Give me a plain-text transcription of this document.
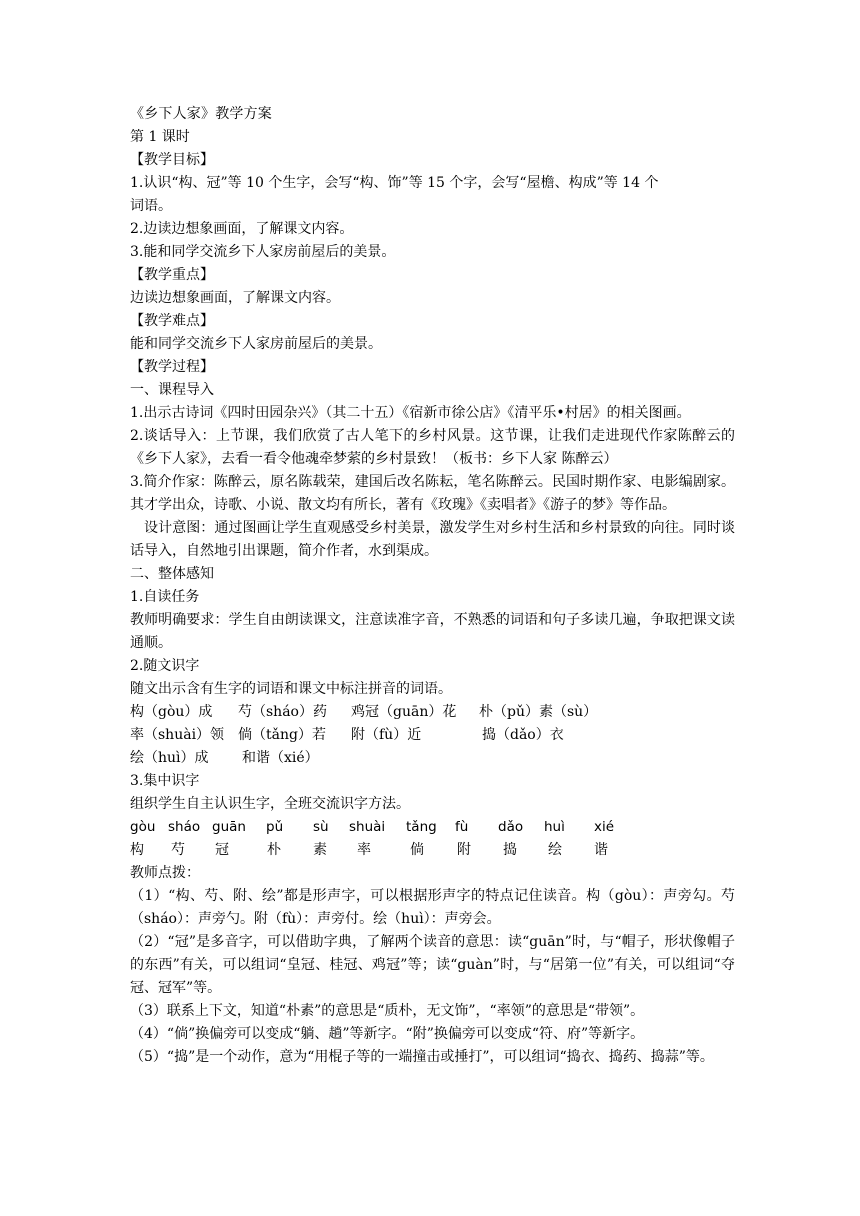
《乡下人家》教学方案
第 1 课时
【教学目标】
1.认识“构、冠”等 10 个生字，会写“构、饰”等 15 个字，会写“屋檐、构成”等 14 个
词语。
2.边读边想象画面，了解课文内容。
3.能和同学交流乡下人家房前屋后的美景。
【教学重点】
边读边想象画面，了解课文内容。
【教学难点】
能和同学交流乡下人家房前屋后的美景。
【教学过程】
一、课程导入
1.出示古诗词《四时田园杂兴》（其二十五）《宿新市徐公店》《清平乐•村居》的相关图画。
2.谈话导入：上节课，我们欣赏了古人笔下的乡村风景。这节课，让我们走进现代作家陈醉云的《乡下人家》，去看一看令他魂牵梦萦的乡村景致！（板书：乡下人家 陈醉云）
3.简介作家：陈醉云，原名陈载荣，建国后改名陈耘，笔名陈醉云。民国时期作家、电影编剧家。其才学出众，诗歌、小说、散文均有所长，著有《玫瑰》《卖唱者》《游子的梦》等作品。
设计意图：通过图画让学生直观感受乡村美景，激发学生对乡村生活和乡村景致的向往。同时谈话导入，自然地引出课题，简介作者，水到渠成。
二、整体感知
1.自读任务
教师明确要求：学生自由朗读课文，注意读准字音，不熟悉的词语和句子多读几遍，争取把课文读通顺。
2.随文识字
随文出示含有生字的词语和课文中标注拼音的词语。
构（gòu）成 芍（sháo）药 鸡冠（guān）花 朴（pǔ）素（sù）
率（shuài）领 倘（tǎng）若 附（fù）近	捣（dǎo）衣
绘（huì）成 和谐（xié）
3.集中识字
组织学生自主认识生字，全班交流识字方法。
gòu sháo guān pǔ sù shuài tǎng fù dǎo huì xié
构 芍 冠	朴 素 率	倘 附 捣 绘 谐
教师点拨：
（1）“构、芍、附、绘”都是形声字，可以根据形声字的特点记住读音。构（gòu）：声旁勾。芍（sháo）：声旁勺。附（fù）：声旁付。绘（huì）：声旁会。
（2）“冠”是多音字，可以借助字典，了解两个读音的意思：读“guān”时，与“帽子，形状像帽子的东西”有关，可以组词“皇冠、桂冠、鸡冠”等；读“guàn”时，与“居第一位”有关，可以组词“夺冠、冠军”等。
（3）联系上下文，知道“朴素”的意思是“质朴，无文饰”，“率领”的意思是“带领”。
（4）“倘”换偏旁可以变成“躺、趟”等新字。“附”换偏旁可以变成“符、府”等新字。
（5）“捣”是一个动作，意为“用棍子等的一端撞击或捶打”，可以组词“捣衣、捣药、捣蒜”等。
